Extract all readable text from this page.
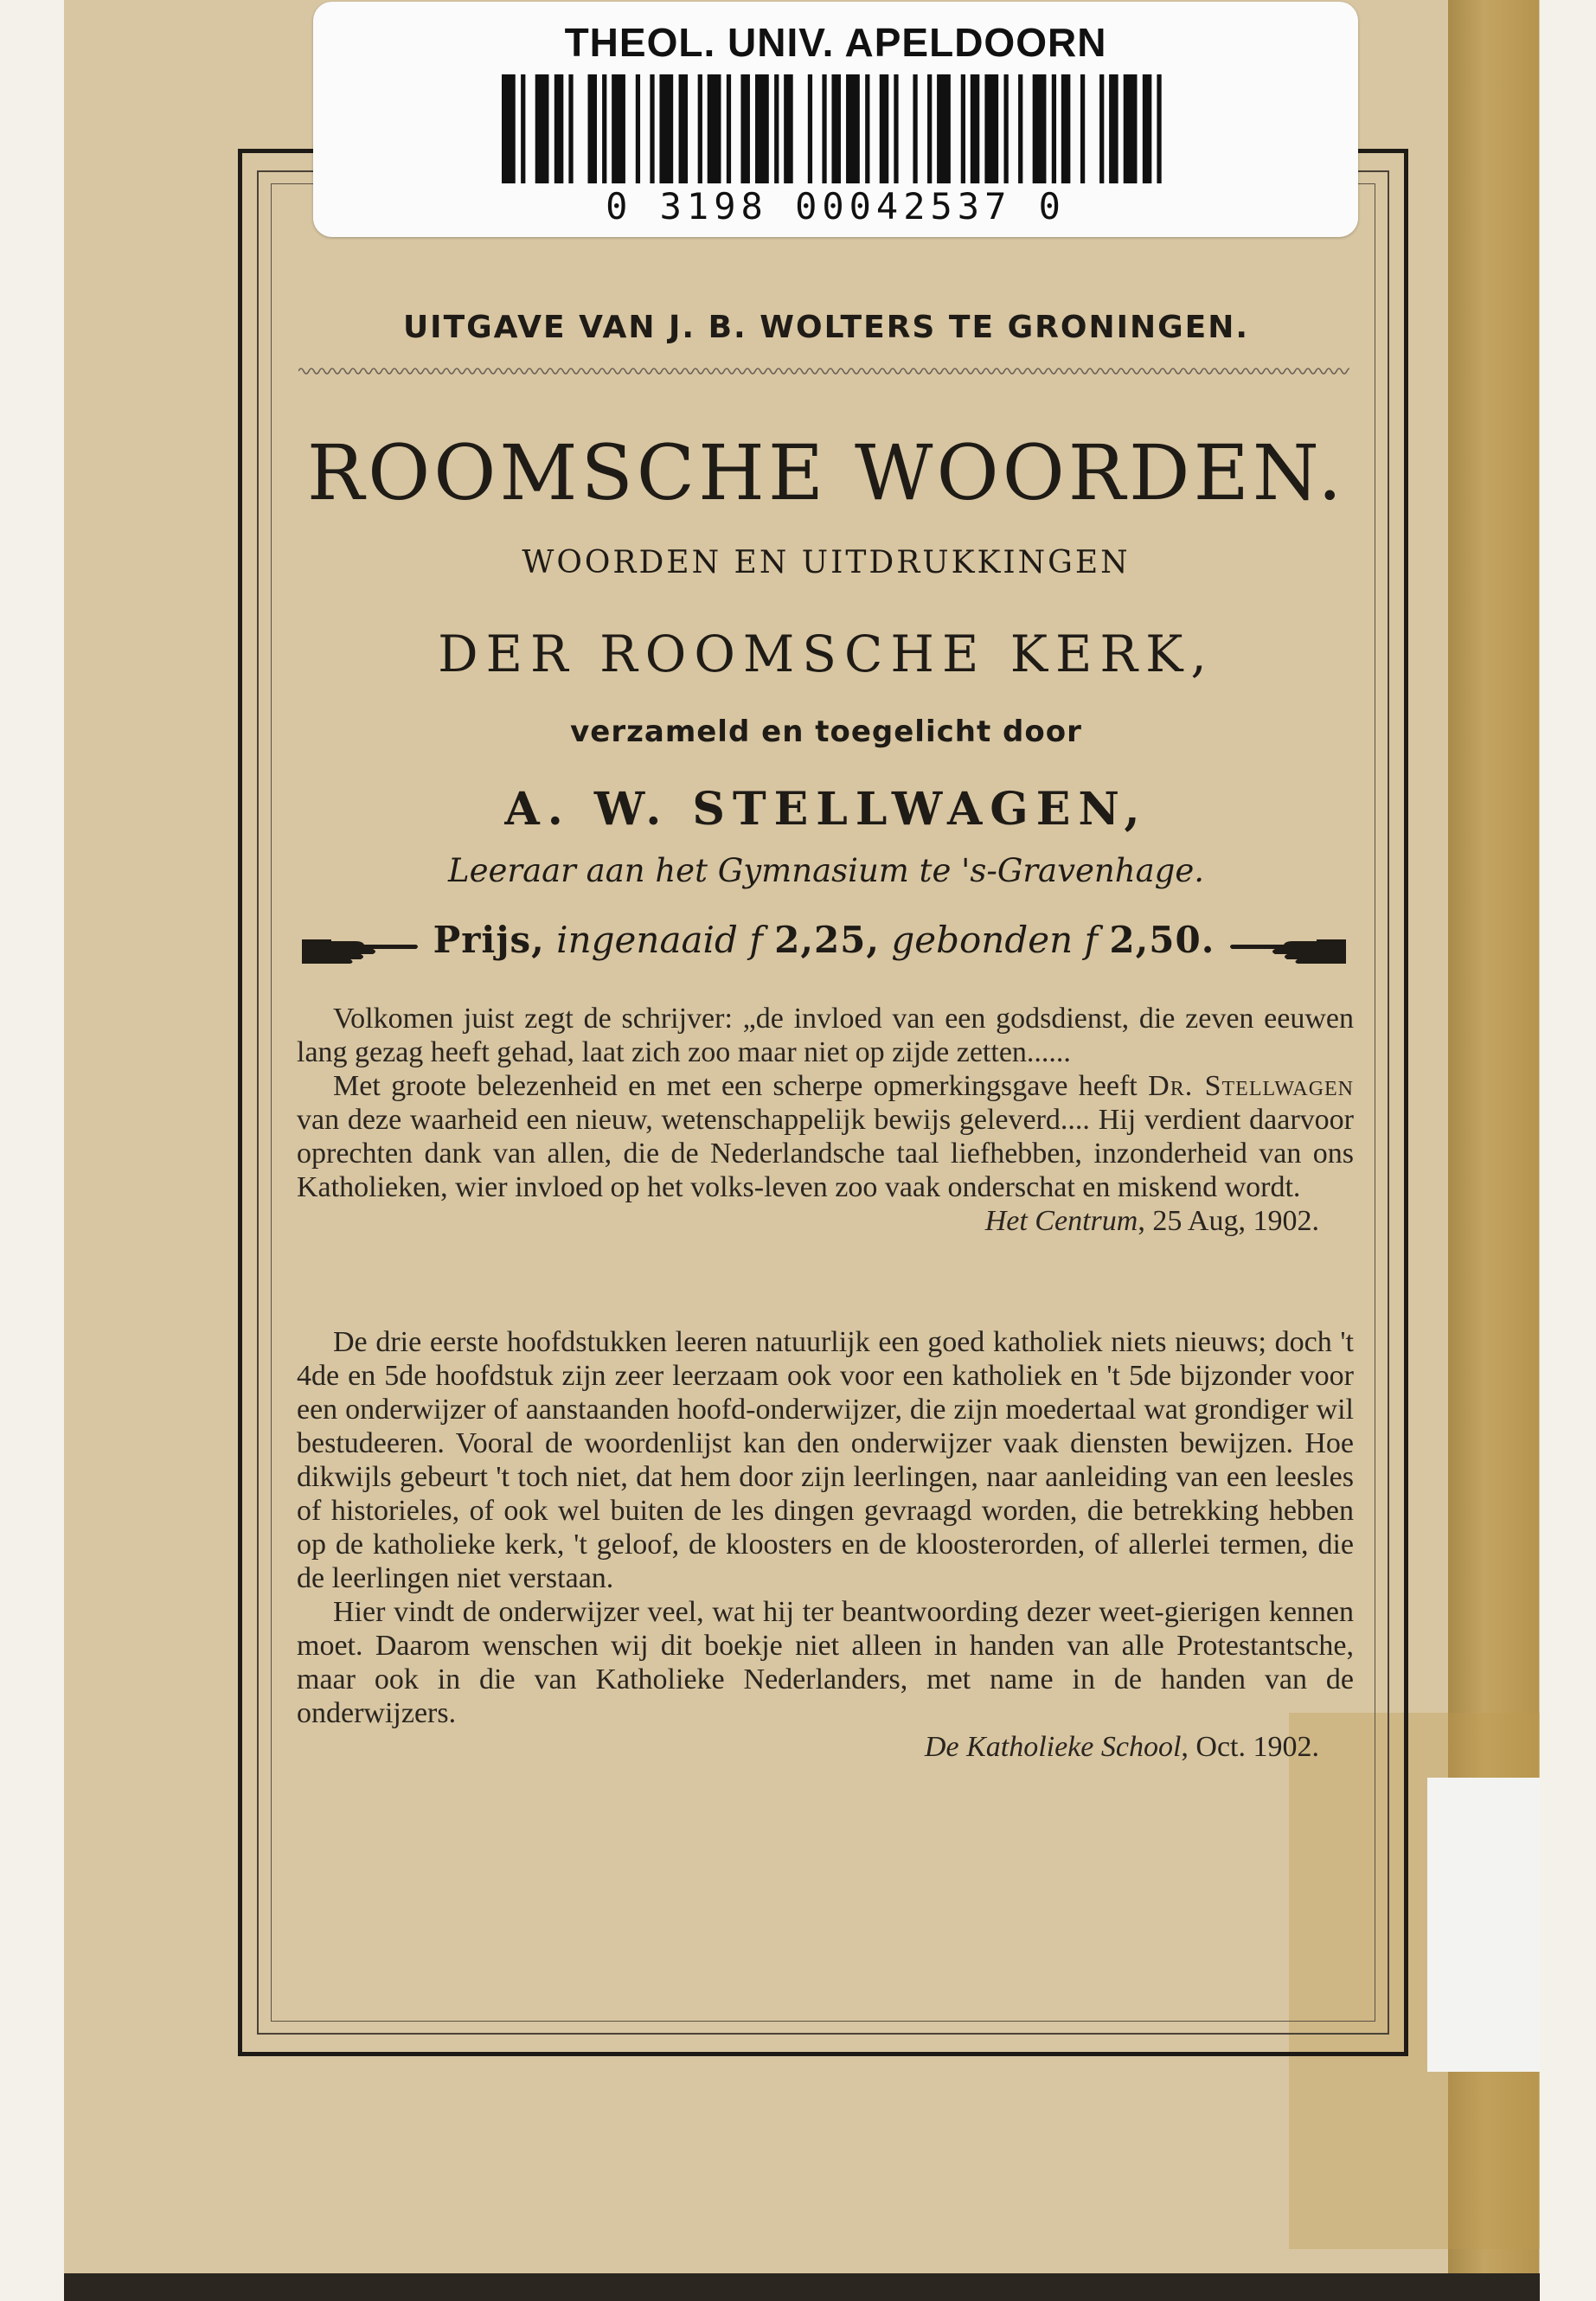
THEOL. UNIV. APELDOORN
0 3198 00042537 0
UITGAVE VAN J. B. WOLTERS TE GRONINGEN.
ROOMSCHE WOORDEN.
WOORDEN EN UITDRUKKINGEN
DER ROOMSCHE KERK,
verzameld en toegelicht door
A. W. STELLWAGEN,
Leeraar aan het Gymnasium te 's-Gravenhage.
Prijs, ingenaaid f 2,25, gebonden f 2,50.

Volkomen juist zegt de schrijver: „de invloed van een godsdienst, die zeven eeuwen lang gezag heeft gehad, laat zich zoo maar niet op zijde zetten......

Met groote belezenheid en met een scherpe opmerkingsgave heeft Dr. Stellwagen van deze waarheid een nieuw, wetenschappelijk bewijs geleverd.... Hij verdient daarvoor oprechten dank van allen, die de Nederlandsche taal liefhebben, inzonderheid van ons Katholieken, wier invloed op het volks-leven zoo vaak onderschat en miskend wordt.

Het Centrum, 25 Aug, 1902.

De drie eerste hoofdstukken leeren natuurlijk een goed katholiek niets nieuws; doch 't 4de en 5de hoofdstuk zijn zeer leerzaam ook voor een katholiek en 't 5de bijzonder voor een onderwijzer of aanstaanden hoofd-onderwijzer, die zijn moedertaal wat grondiger wil bestudeeren. Vooral de woordenlijst kan den onderwijzer vaak diensten bewijzen. Hoe dikwijls gebeurt 't toch niet, dat hem door zijn leerlingen, naar aanleiding van een leesles of historieles, of ook wel buiten de les dingen gevraagd worden, die betrekking hebben op de katholieke kerk, 't geloof, de kloosters en de kloosterorden, of allerlei termen, die de leerlingen niet verstaan.

Hier vindt de onderwijzer veel, wat hij ter beantwoording dezer weet-gierigen kennen moet. Daarom wenschen wij dit boekje niet alleen in handen van alle Protestantsche, maar ook in die van Katholieke Nederlanders, met name in de handen van de onderwijzers.

De Katholieke School, Oct. 1902.
